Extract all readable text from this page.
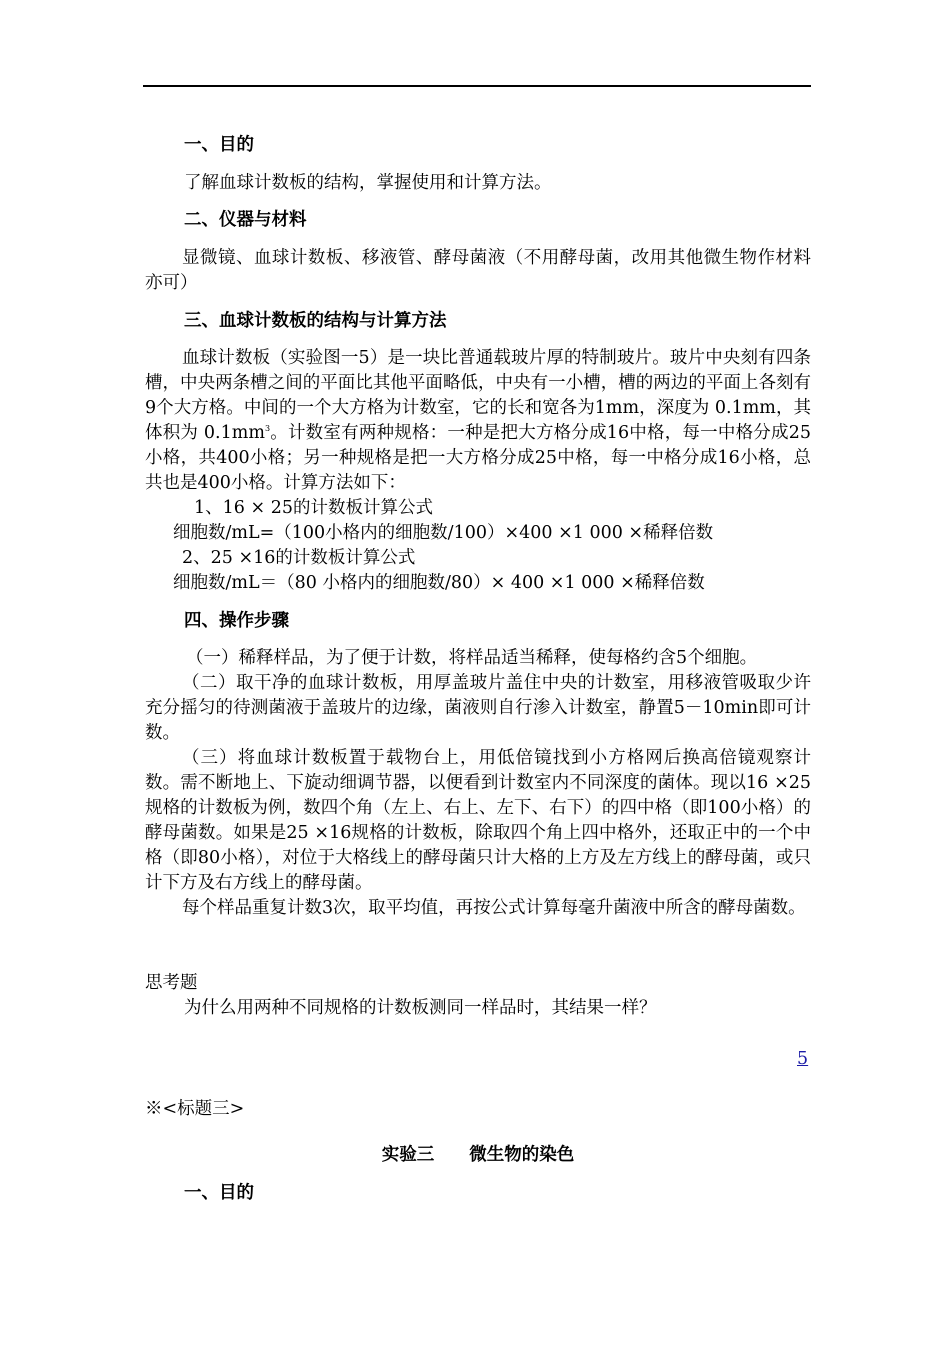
一、目的
了解血球计数板的结构，掌握使用和计算方法。
二、仪器与材料
显微镜、血球计数板、移液管、酵母菌液（不用酵母菌，改用其他微生物作材料亦可）
三、血球计数板的结构与计算方法
血球计数板（实验图一5）是一块比普通载玻片厚的特制玻片。玻片中央刻有四条槽，中央两条槽之间的平面比其他平面略低，中央有一小槽，槽的两边的平面上各刻有9个大方格。中间的一个大方格为计数室，它的长和宽各为1mm，深度为 0.1mm，其体积为 $0.1mm^3$。计数室有两种规格：一种是把大方格分成16中格，每一中格分成25小格，共400小格；另一种规格是把一大方格分成25中格，每一中格分成16小格，总共也是400小格。计算方法如下：
1、16 × 25的计数板计算公式
细胞数/mL=（100小格内的细胞数/100）×400 ×1 000 ×稀释倍数
2、25 ×16的计数板计算公式
细胞数/mL＝（80 小格内的细胞数/80）× 400 ×1 000 ×稀释倍数
四、操作步骤
（一）稀释样品，为了便于计数，将样品适当稀释，使每格约含5个细胞。
（二）取干净的血球计数板，用厚盖玻片盖住中央的计数室，用移液管吸取少许充分摇匀的待测菌液于盖玻片的边缘，菌液则自行渗入计数室，静置5－10min即可计数。
（三）将血球计数板置于载物台上，用低倍镜找到小方格网后换高倍镜观察计数。需不断地上、下旋动细调节器，以便看到计数室内不同深度的菌体。现以16 ×25规格的计数板为例，数四个角（左上、右上、左下、右下）的四中格（即100小格）的酵母菌数。如果是25 ×16规格的计数板，除取四个角上四中格外，还取正中的一个中格（即80小格），对位于大格线上的酵母菌只计大格的上方及左方线上的酵母菌，或只计下方及右方线上的酵母菌。
每个样品重复计数3次，取平均值，再按公式计算每毫升菌液中所含的酵母菌数。
思考题
为什么用两种不同规格的计数板测同一样品时，其结果一样？
5
※<标题三>
实验三　　微生物的染色
一、目的
